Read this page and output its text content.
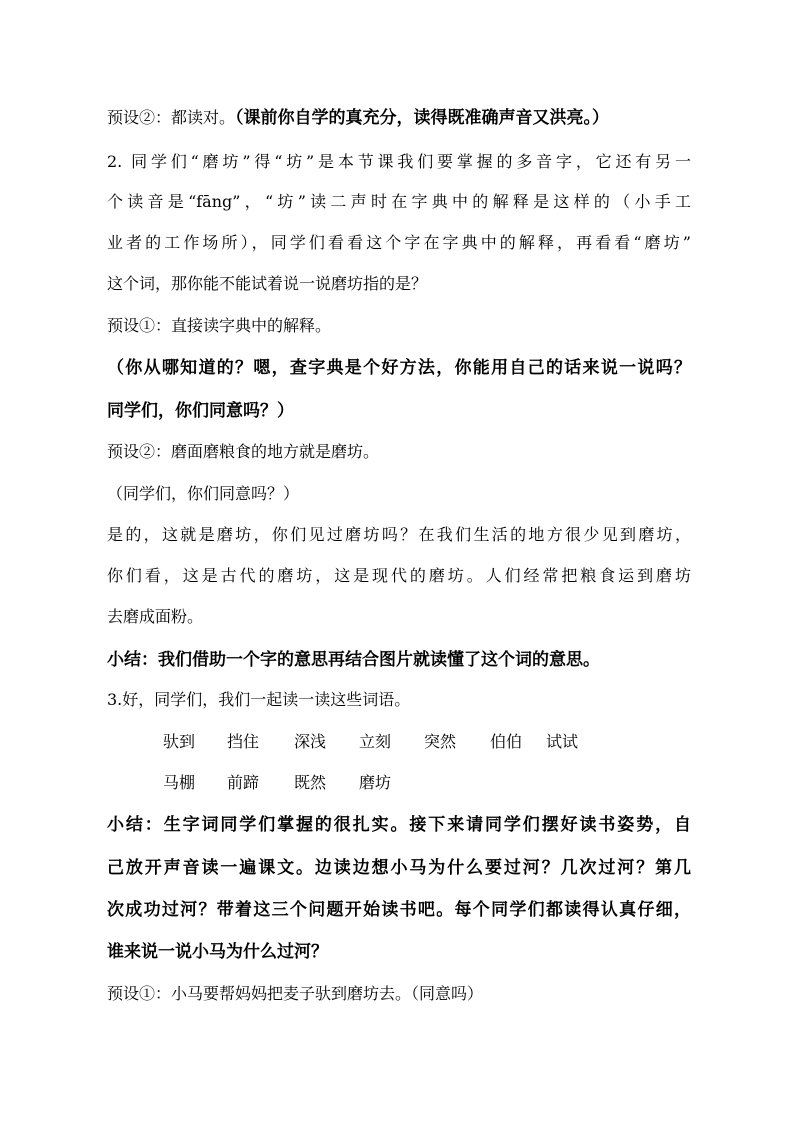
预设②：都读对。（课前你自学的真充分，读得既准确声音又洪亮。）
2. 同学们“磨坊”得“坊”是本节课我们要掌握的多音字，它还有另一
个读音是“fāng”，“坊”读二声时在字典中的解释是这样的（小手工
业者的工作场所），同学们看看这个字在字典中的解释，再看看“磨坊”
这个词，那你能不能试着说一说磨坊指的是？
预设①：直接读字典中的解释。
（你从哪知道的？嗯，查字典是个好方法，你能用自己的话来说一说吗？
同学们，你们同意吗？）
预设②：磨面磨粮食的地方就是磨坊。
（同学们，你们同意吗？）
是的，这就是磨坊，你们见过磨坊吗？在我们生活的地方很少见到磨坊，
你们看，这是古代的磨坊，这是现代的磨坊。人们经常把粮食运到磨坊
去磨成面粉。
小结：我们借助一个字的意思再结合图片就读懂了这个词的意思。
3.好，同学们，我们一起读一读这些词语。
驮到 挡住 深浅 立刻 突然 伯伯 试试
马棚 前蹄 既然 磨坊
小结：生字词同学们掌握的很扎实。接下来请同学们摆好读书姿势，自
己放开声音读一遍课文。边读边想小马为什么要过河？几次过河？第几
次成功过河？带着这三个问题开始读书吧。每个同学们都读得认真仔细，
谁来说一说小马为什么过河？
预设①：小马要帮妈妈把麦子驮到磨坊去。（同意吗）
